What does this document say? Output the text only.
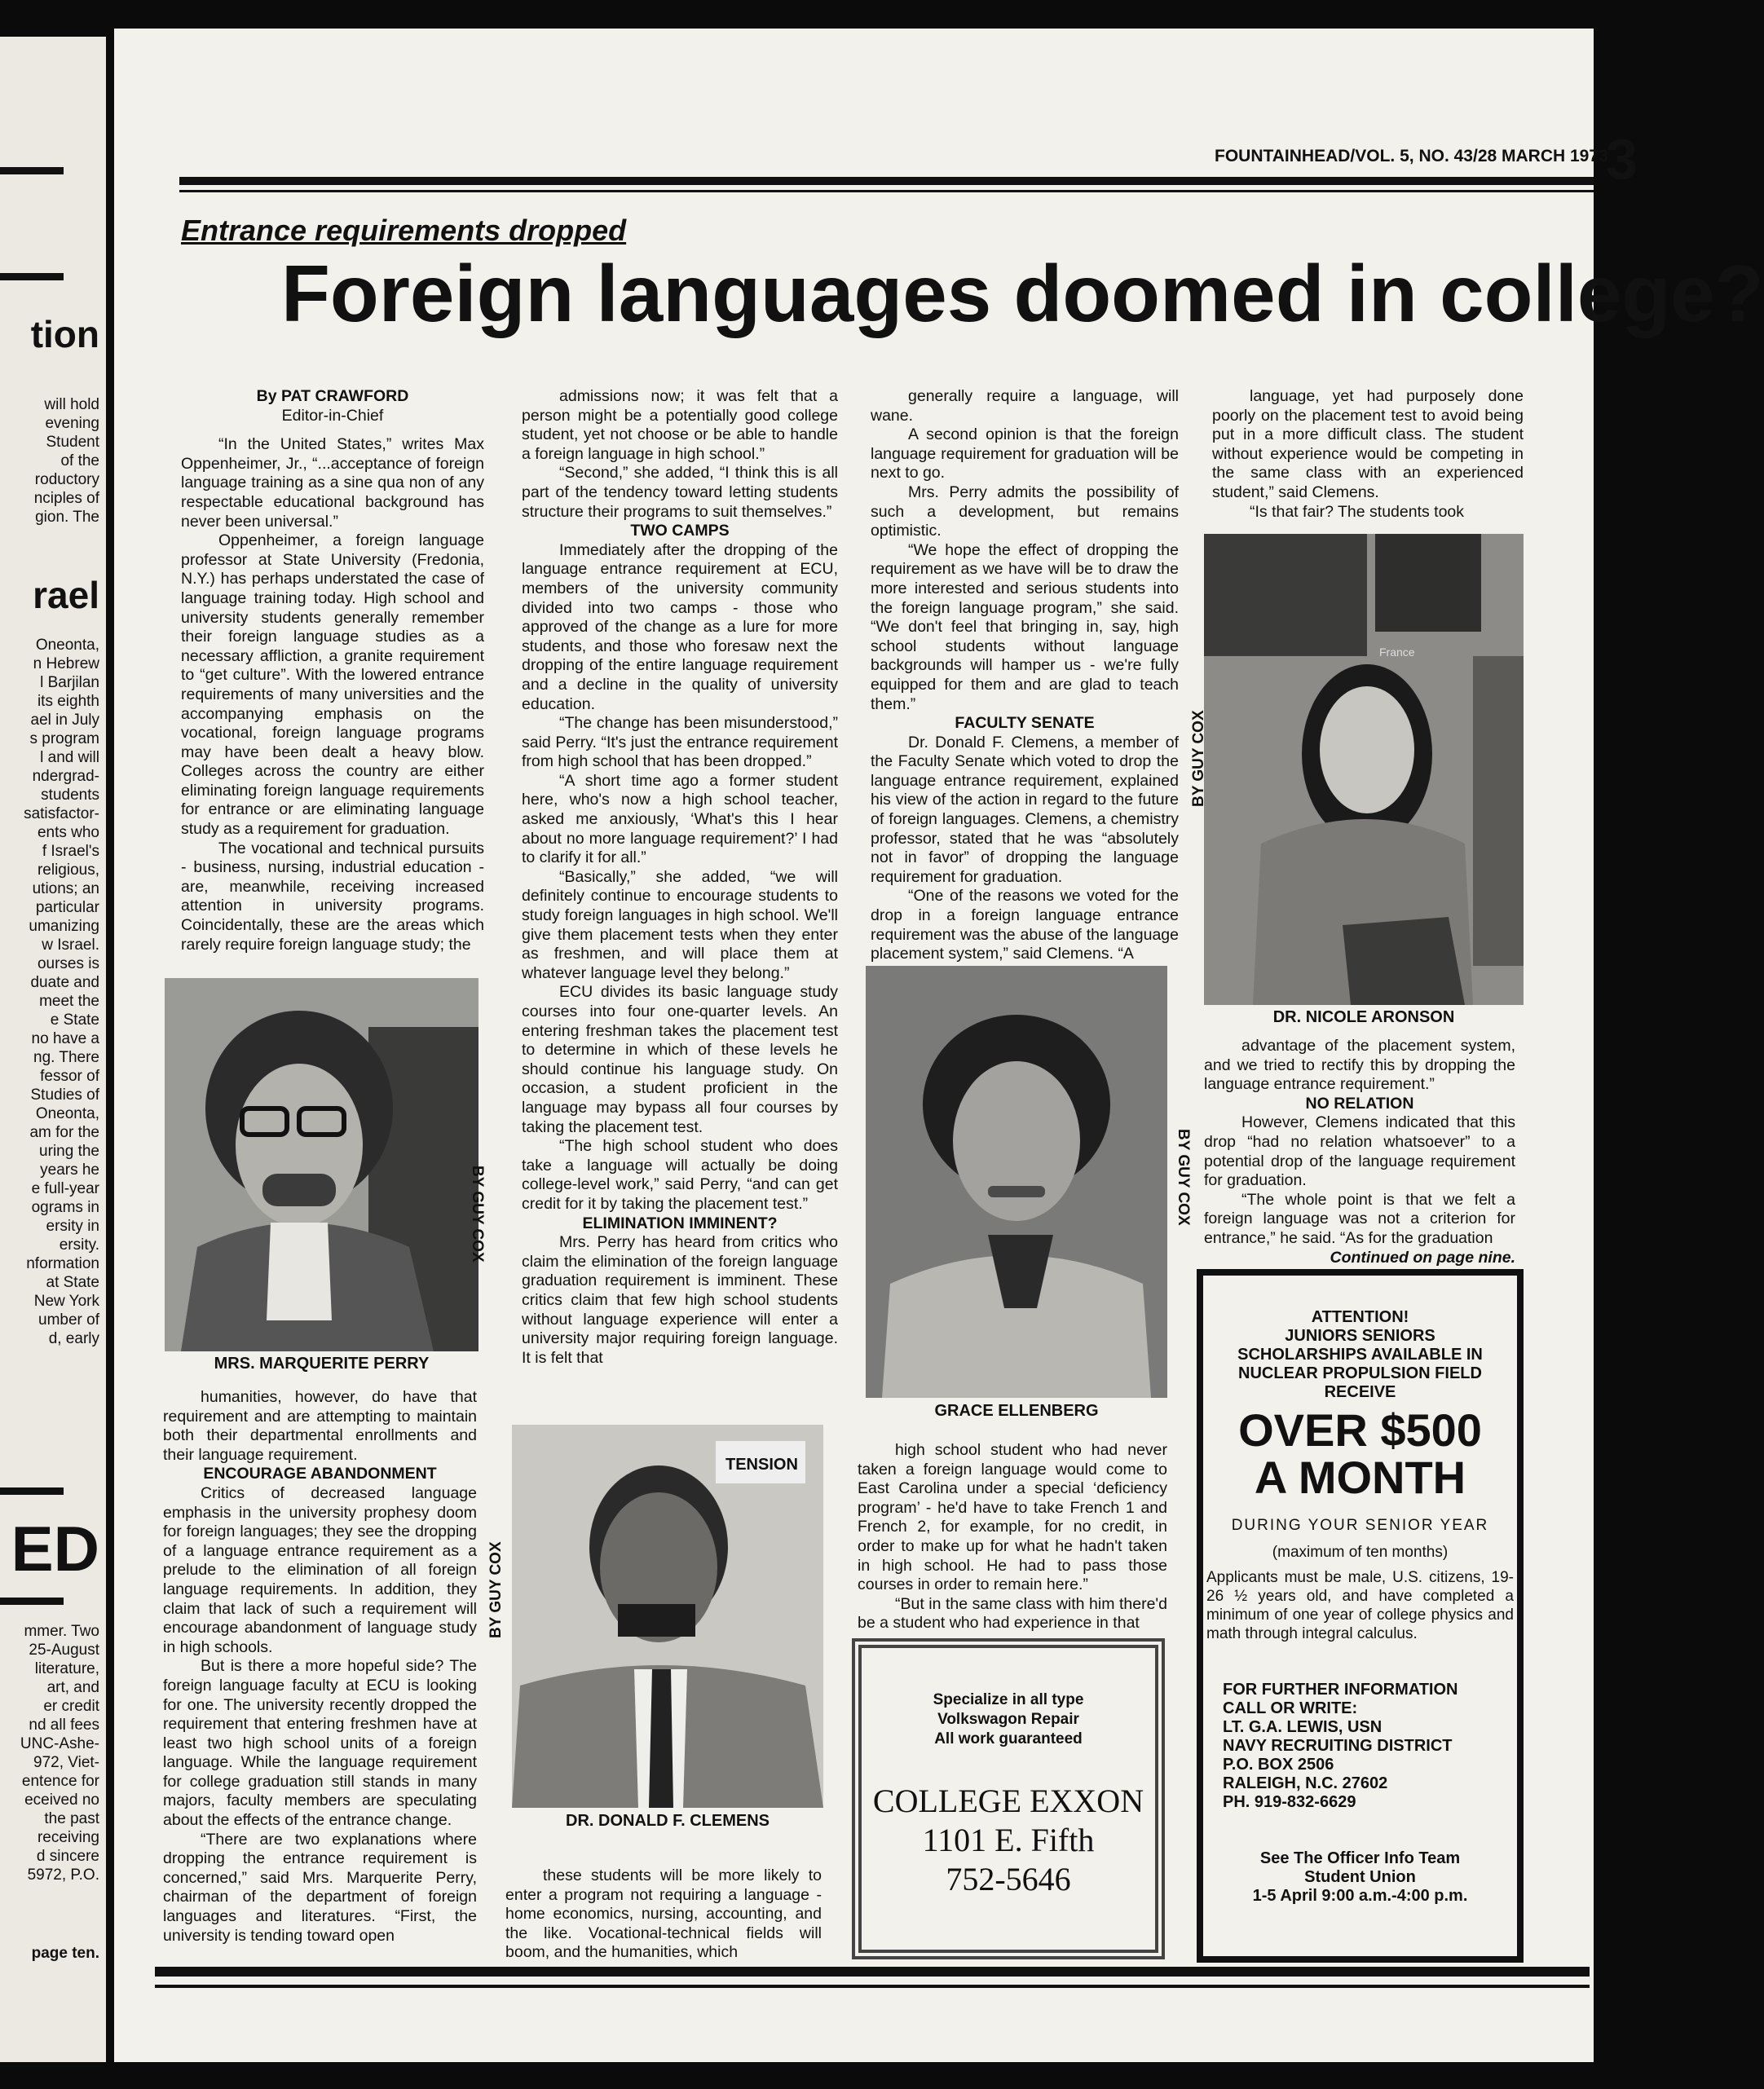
tion
will hold
evening
Student
of the
roductory
nciples of
gion. The
rael
Oneonta,
n Hebrew
l Barjilan
its eighth
ael in July
s program
l and will
ndergrad-
students
satisfactor-
ents who
f Israel's
religious,
utions; an
particular
umanizing
w Israel.
ourses is
duate and
meet the
e State
no have a
ng. There
fessor of
Studies of
Oneonta,
am for the
uring the
years he
e full-year
ograms in
ersity in
ersity.
nformation
at State
New York
umber of
d, early
ED
mmer. Two
25-August
literature,
art, and
er credit
nd all fees
UNC-Ashe-
972, Viet-
entence for
eceived no
the past
receiving
d sincere
5972, P.O.
page ten.
FOUNTAINHEAD/VOL. 5, NO. 43/28 MARCH 1973
3
Entrance requirements dropped
Foreign languages doomed in college?

By PAT CRAWFORD

Editor-in-Chief

“In the United States,” writes Max Oppenheimer, Jr., “...acceptance of foreign language training as a sine qua non of any respectable educational background has never been universal.”

Oppenheimer, a foreign language professor at State University (Fredonia, N.Y.) has perhaps understated the case of language training today. High school and university students generally remember their foreign language studies as a necessary affliction, a granite requirement to “get culture”. With the lowered entrance requirements of many universities and the accompanying emphasis on the vocational, foreign language programs may have been dealt a heavy blow. Colleges across the country are either eliminating foreign language requirements for entrance or are eliminating language study as a requirement for graduation.

The vocational and technical pursuits - business, nursing, industrial education - are, meanwhile, receiving increased attention in university programs. Coincidentally, these are the areas which rarely require foreign language study; the

MRS. MARQUERITE PERRY
BY GUY COX

humanities, however, do have that requirement and are attempting to maintain both their departmental enrollments and their language requirement.

ENCOURAGE ABANDONMENT

Critics of decreased language emphasis in the university prophesy doom for foreign languages; they see the dropping of a language entrance requirement as a prelude to the elimination of all foreign language requirements. In addition, they claim that lack of such a requirement will encourage abandonment of language study in high schools.

But is there a more hopeful side? The foreign language faculty at ECU is looking for one. The university recently dropped the requirement that entering freshmen have at least two high school units of a foreign language. While the language requirement for college graduation still stands in many majors, faculty members are speculating about the effects of the entrance change.

“There are two explanations where dropping the entrance requirement is concerned,” said Mrs. Marquerite Perry, chairman of the department of foreign languages and literatures. “First, the university is tending toward open

admissions now; it was felt that a person might be a potentially good college student, yet not choose or be able to handle a foreign language in high school.”

“Second,” she added, “I think this is all part of the tendency toward letting students structure their programs to suit themselves.”

TWO CAMPS

Immediately after the dropping of the language entrance requirement at ECU, members of the university community divided into two camps - those who approved of the change as a lure for more students, and those who foresaw next the dropping of the entire language requirement and a decline in the quality of university education.

“The change has been misunderstood,” said Perry. “It's just the entrance requirement from high school that has been dropped.”

“A short time ago a former student here, who's now a high school teacher, asked me anxiously, ‘What's this I hear about no more language requirement?’ I had to clarify it for all.”

“Basically,” she added, “we will definitely continue to encourage students to study foreign languages in high school. We'll give them placement tests when they enter as freshmen, and will place them at whatever language level they belong.”

ECU divides its basic language study courses into four one-quarter levels. An entering freshman takes the placement test to determine in which of these levels he should continue his language study. On occasion, a student proficient in the language may bypass all four courses by taking the placement test.

“The high school student who does take a language will actually be doing college-level work,” said Perry, “and can get credit for it by taking the placement test.”

ELIMINATION IMMINENT?

Mrs. Perry has heard from critics who claim the elimination of the foreign language graduation requirement is imminent. These critics claim that few high school students without language experience will enter a university major requiring foreign language. It is felt that

TENSION
DR. DONALD F. CLEMENS
BY GUY COX

these students will be more likely to enter a program not requiring a language - home economics, nursing, accounting, and the like. Vocational-technical fields will boom, and the humanities, which

generally require a language, will wane.

A second opinion is that the foreign language requirement for graduation will be next to go.

Mrs. Perry admits the possibility of such a development, but remains optimistic.

“We hope the effect of dropping the requirement as we have will be to draw the more interested and serious students into the foreign language program,” she said. “We don't feel that bringing in, say, high school students without language backgrounds will hamper us - we're fully equipped for them and are glad to teach them.”

FACULTY SENATE

Dr. Donald F. Clemens, a member of the Faculty Senate which voted to drop the language entrance requirement, explained his view of the action in regard to the future of foreign languages. Clemens, a chemistry professor, stated that he was “absolutely not in favor” of dropping the language requirement for graduation.

“One of the reasons we voted for the drop in a foreign language entrance requirement was the abuse of the language placement system,” said Clemens. “A

GRACE ELLENBERG
BY GUY COX

high school student who had never taken a foreign language would come to East Carolina under a special ‘deficiency program’ - he'd have to take French 1 and French 2, for example, for no credit, in order to make up for what he hadn't taken in high school. He had to pass those courses in order to remain here.”

“But in the same class with him there'd be a student who had experience in that

language, yet had purposely done poorly on the placement test to avoid being put in a more difficult class. The student without experience would be competing in the same class with an experienced student,” said Clemens.

“Is that fair? The students took

France
DR. NICOLE ARONSON
BY GUY COX

advantage of the placement system, and we tried to rectify this by dropping the language entrance requirement.”

NO RELATION

However, Clemens indicated that this drop “had no relation whatsoever” to a potential drop of the language requirement for graduation.

“The whole point is that we felt a foreign language was not a criterion for entrance,” he said. “As for the graduation

Continued on page nine.

Specialize in all type
Volkswagon Repair
All work guaranteed
COLLEGE EXXON
1101 E. Fifth
752-5646
ATTENTION!
JUNIORS SENIORS
SCHOLARSHIPS AVAILABLE IN
NUCLEAR PROPULSION FIELD
RECEIVE
OVER $500
A MONTH
DURING YOUR SENIOR YEAR
(maximum of ten months)
Applicants must be male, U.S. citizens, 19-26 ½ years old, and have completed a minimum of one year of college physics and math through integral calculus.
FOR FURTHER INFORMATION
CALL OR WRITE:
LT. G.A. LEWIS, USN
NAVY RECRUITING DISTRICT
P.O. BOX 2506
RALEIGH, N.C. 27602
PH. 919-832-6629
See The Officer Info Team
Student Union
1-5 April 9:00 a.m.-4:00 p.m.
